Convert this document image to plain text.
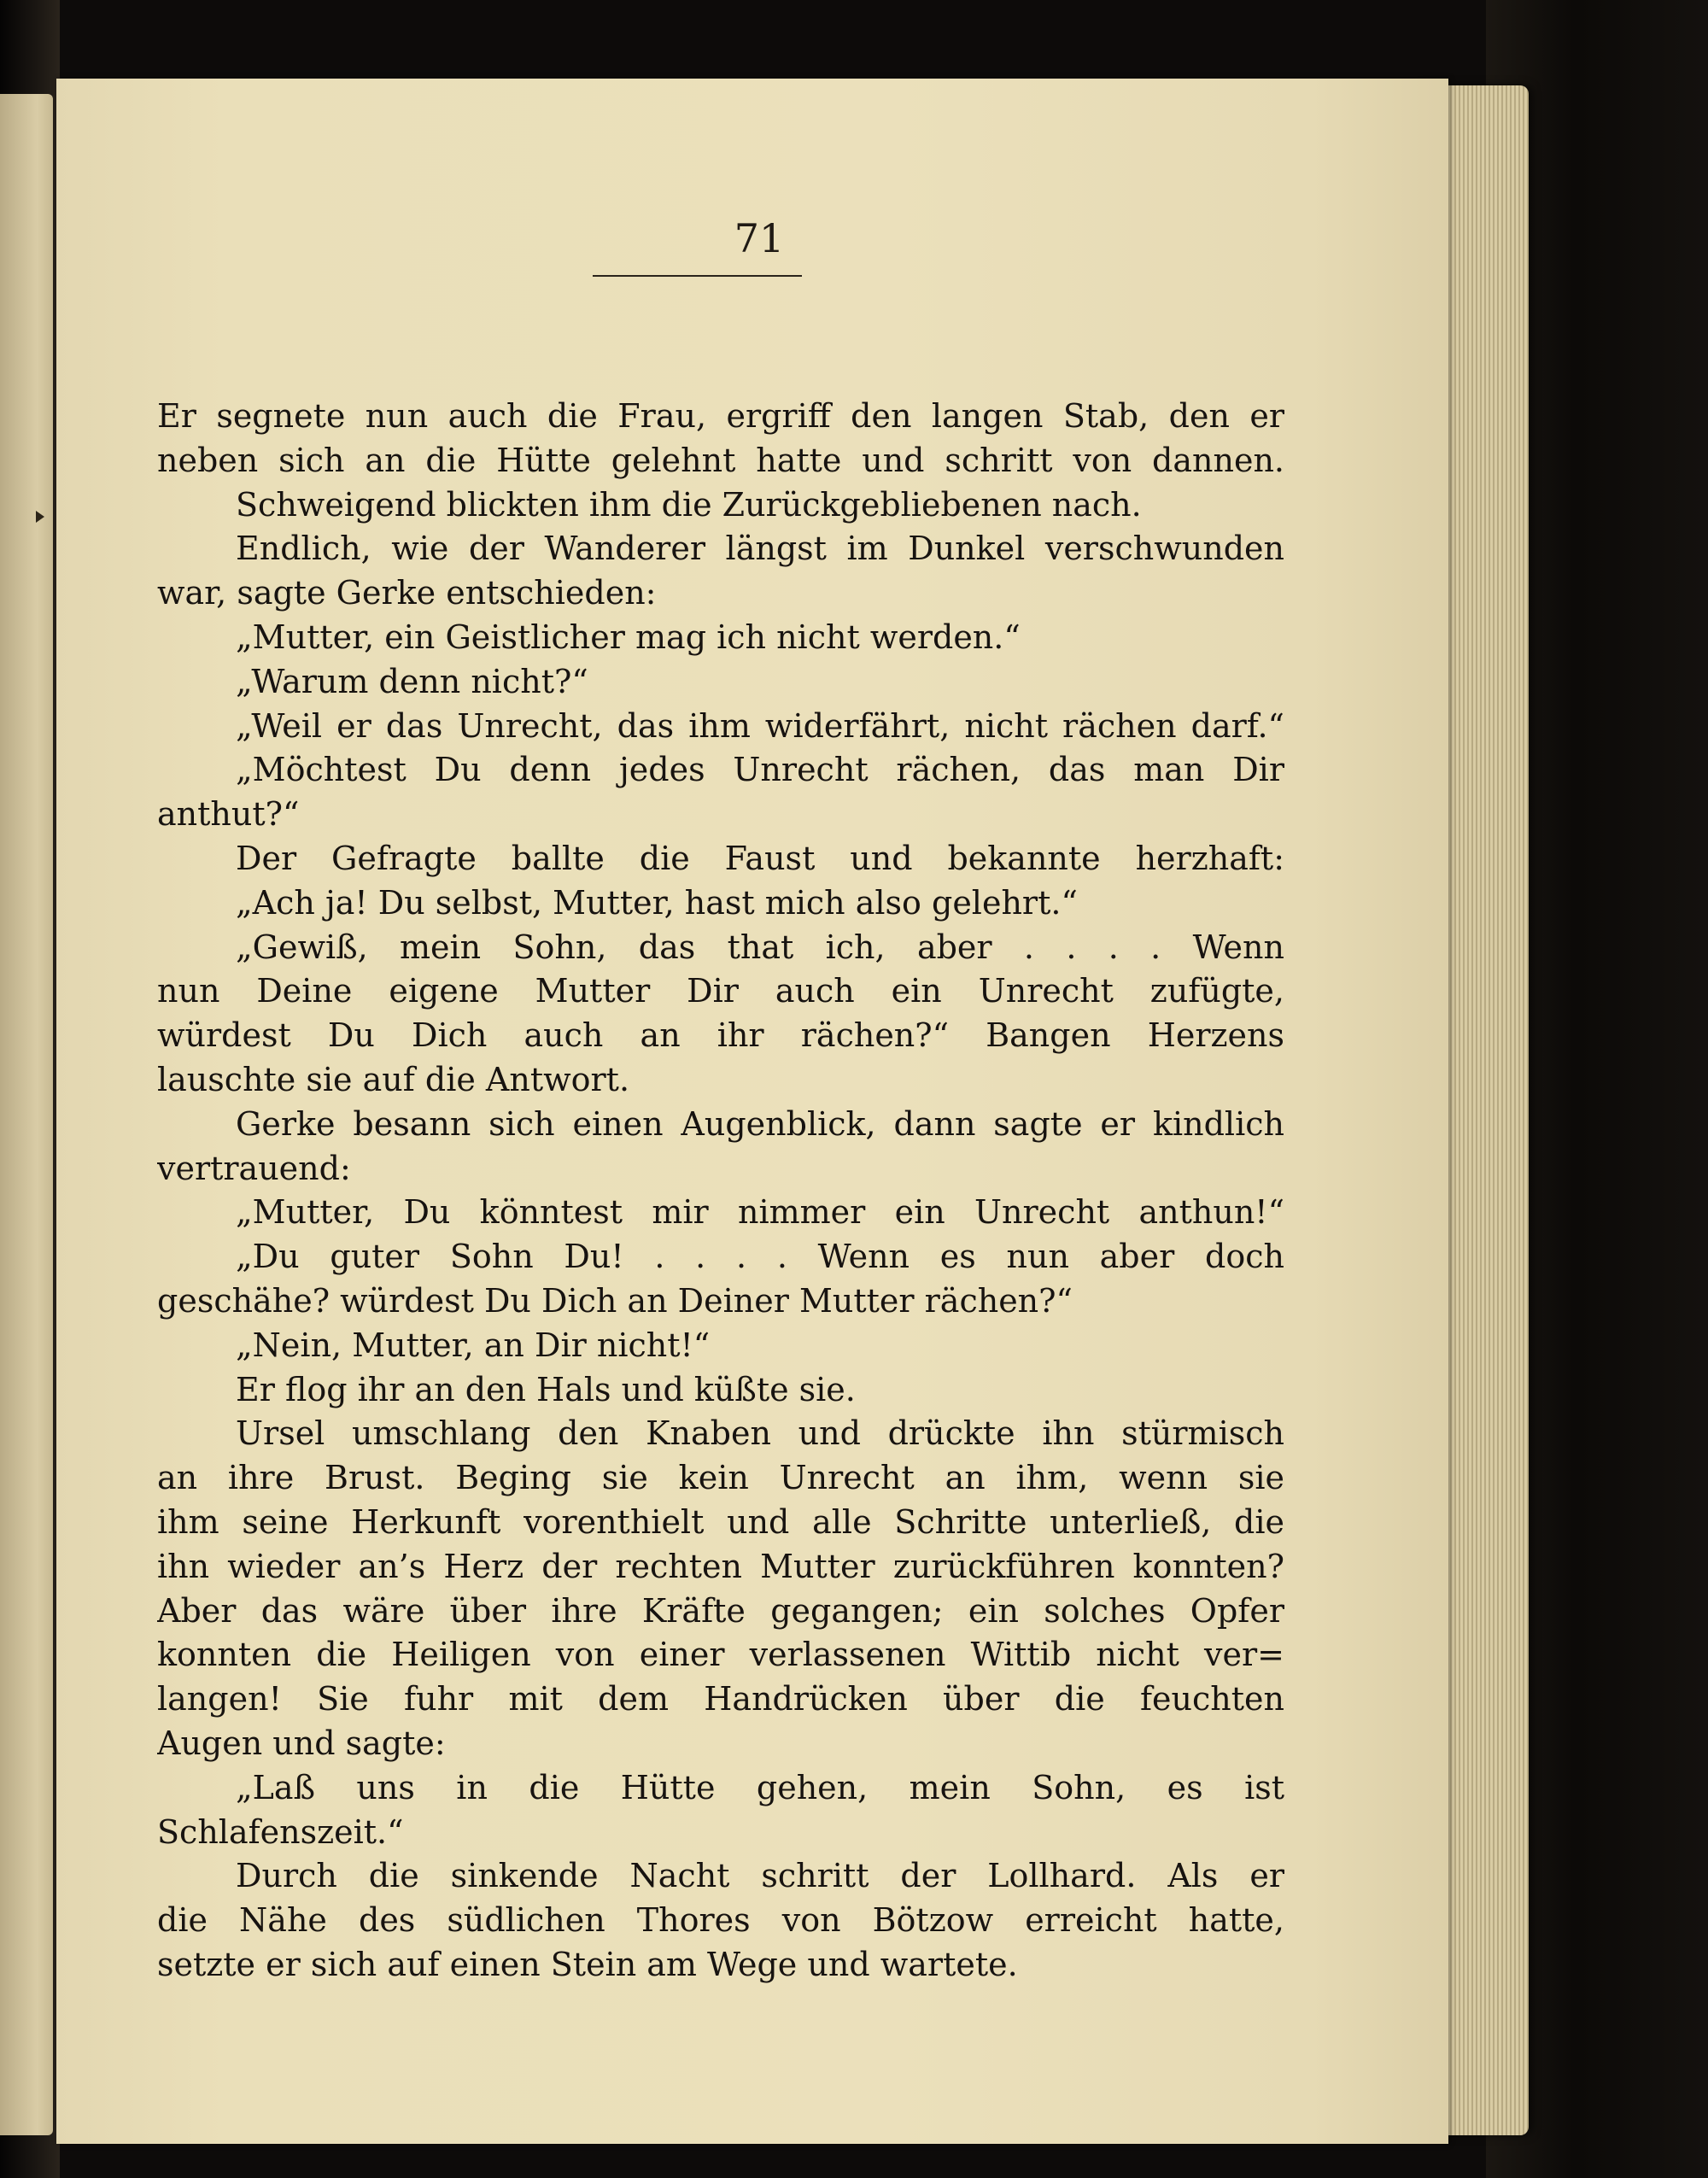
71
Er segnete nun auch die Frau, ergriff den langen Stab, den er
neben sich an die Hütte gelehnt hatte und schritt von dannen.
Schweigend blickten ihm die Zurückgebliebenen nach.
Endlich, wie der Wanderer längst im Dunkel verschwunden
war, sagte Gerke entschieden:
„Mutter, ein Geistlicher mag ich nicht werden.“
„Warum denn nicht?“
„Weil er das Unrecht, das ihm widerfährt, nicht rächen darf.“
„Möchtest Du denn jedes Unrecht rächen, das man Dir
anthut?“
Der Gefragte ballte die Faust und bekannte herzhaft:
„Ach ja! Du selbst, Mutter, hast mich also gelehrt.“
„Gewiß, mein Sohn, das that ich, aber . . . . Wenn
nun Deine eigene Mutter Dir auch ein Unrecht zufügte,
würdest Du Dich auch an ihr rächen?“ Bangen Herzens
lauschte sie auf die Antwort.
Gerke besann sich einen Augenblick, dann sagte er kindlich
vertrauend:
„Mutter, Du könntest mir nimmer ein Unrecht anthun!“
„Du guter Sohn Du! . . . . Wenn es nun aber doch
geschähe? würdest Du Dich an Deiner Mutter rächen?“
„Nein, Mutter, an Dir nicht!“
Er flog ihr an den Hals und küßte sie.
Ursel umschlang den Knaben und drückte ihn stürmisch
an ihre Brust. Beging sie kein Unrecht an ihm, wenn sie
ihm seine Herkunft vorenthielt und alle Schritte unterließ, die
ihn wieder an’s Herz der rechten Mutter zurückführen konnten?
Aber das wäre über ihre Kräfte gegangen; ein solches Opfer
konnten die Heiligen von einer verlassenen Wittib nicht ver=
langen! Sie fuhr mit dem Handrücken über die feuchten
Augen und sagte:
„Laß uns in die Hütte gehen, mein Sohn, es ist
Schlafenszeit.“
Durch die sinkende Nacht schritt der Lollhard. Als er
die Nähe des südlichen Thores von Bötzow erreicht hatte,
setzte er sich auf einen Stein am Wege und wartete.
